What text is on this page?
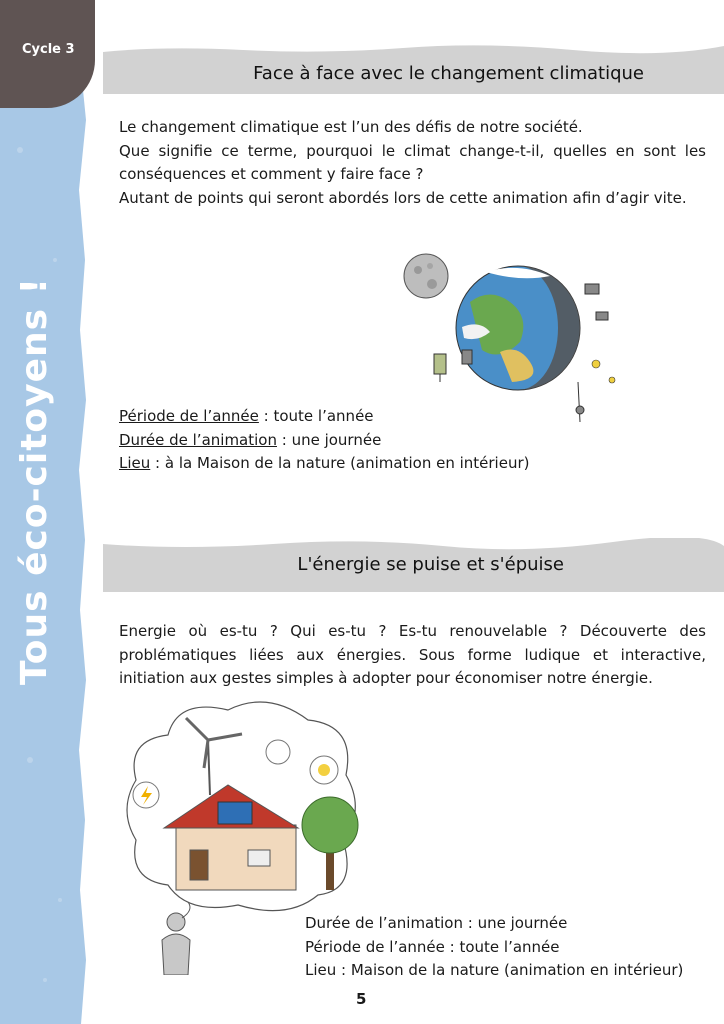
Cycle 3
Tous éco-citoyens !
Face à face avec le changement climatique

Le changement climatique est l’un des défis de notre société.

Que signifie ce terme, pourquoi le climat change-t-il, quelles en sont les conséquences et comment y faire face ?

Autant de points qui seront abordés lors de cette animation afin d’agir vite.

Période de l’année : toute l’année
Durée de l’animation : une journée
Lieu : à la Maison de la nature (animation en intérieur)
L'énergie se puise et s'épuise

Energie où es-tu ? Qui es-tu ? Es-tu renouvelable ? Découverte des problématiques liées aux énergies. Sous forme ludique et interactive, initiation aux gestes simples à adopter pour économiser notre énergie.

Durée de l’animation : une journée
Période de l’année : toute l’année
Lieu : Maison de la nature (animation en intérieur)
5
